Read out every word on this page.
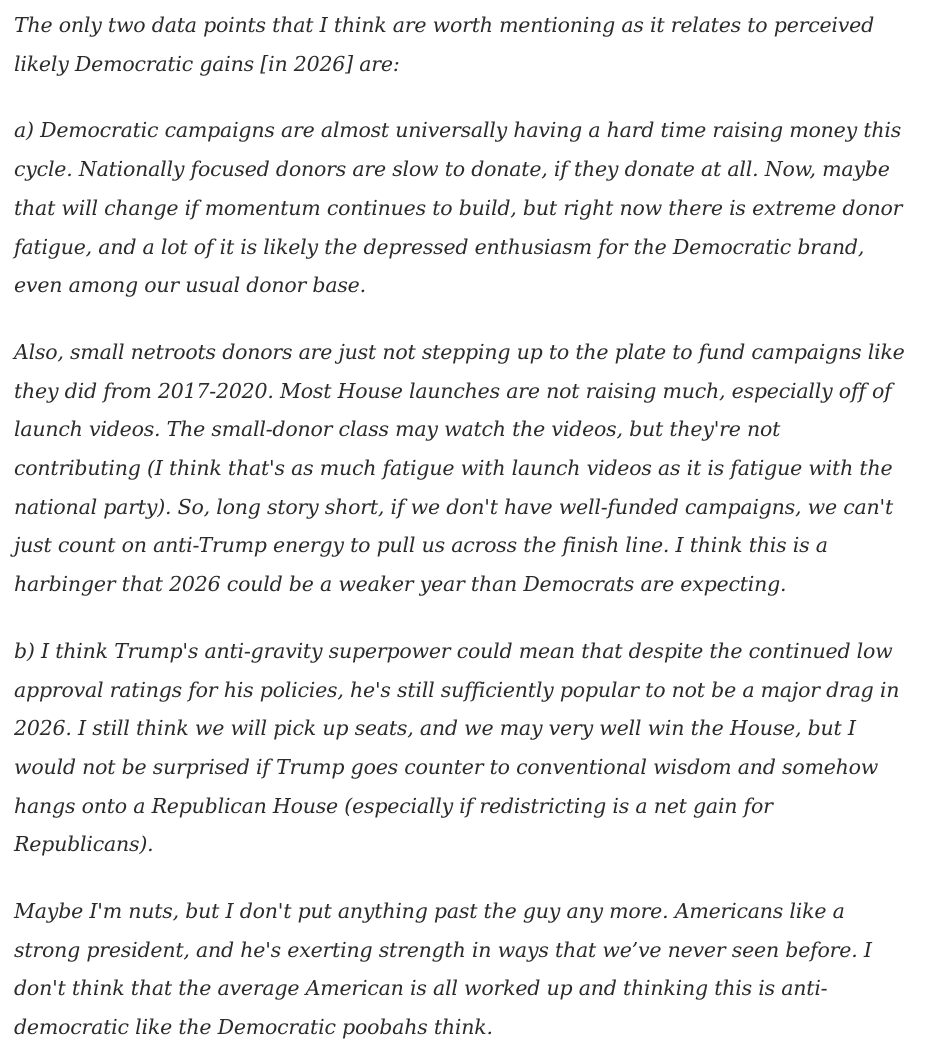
The only two data points that I think are worth mentioning as it relates to perceived likely Democratic gains [in 2026] are:

a) Democratic campaigns are almost universally having a hard time raising money this cycle. Nationally focused donors are slow to donate, if they donate at all. Now, maybe that will change if momentum continues to build, but right now there is extreme donor fatigue, and a lot of it is likely the depressed enthusiasm for the Democratic brand, even among our usual donor base.

Also, small netroots donors are just not stepping up to the plate to fund campaigns like they did from 2017-2020. Most House launches are not raising much, especially off of launch videos. The small-donor class may watch the videos, but they're not contributing (I think that's as much fatigue with launch videos as it is fatigue with the national party). So, long story short, if we don't have well-funded campaigns, we can't just count on anti-Trump energy to pull us across the finish line. I think this is a harbinger that 2026 could be a weaker year than Democrats are expecting.

b) I think Trump's anti-gravity superpower could mean that despite the continued low approval ratings for his policies, he's still sufficiently popular to not be a major drag in 2026. I still think we will pick up seats, and we may very well win the House, but I would not be surprised if Trump goes counter to conventional wisdom and somehow hangs onto a Republican House (especially if redistricting is a net gain for Republicans).

Maybe I'm nuts, but I don't put anything past the guy any more. Americans like a strong president, and he's exerting strength in ways that we’ve never seen before. I don't think that the average American is all worked up and thinking this is anti-democratic like the Democratic poobahs think.
